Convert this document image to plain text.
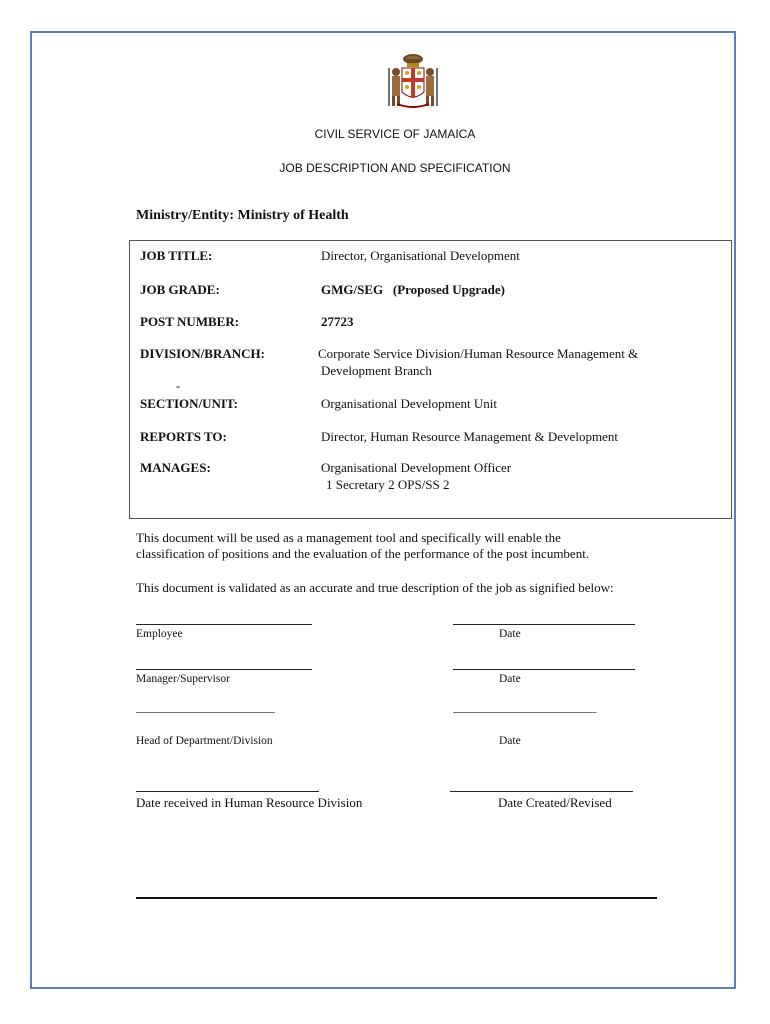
CIVIL SERVICE OF JAMAICA
JOB DESCRIPTION AND SPECIFICATION
Ministry/Entity: Ministry of Health
JOB TITLE:	Director, Organisational Development
JOB GRADE:	GMG/SEG   (Proposed Upgrade)
POST NUMBER:	27723
DIVISION/BRANCH:	Corporate Service Division/Human Resource Management &
Development Branch
-
SECTION/UNIT:	Organisational Development Unit
REPORTS TO:	Director, Human Resource Management & Development
MANAGES:	Organisational Development Officer
1 Secretary 2 OPS/SS 2
This document will be used as a management tool and specifically will enable the
classification of positions and the evaluation of the performance of the post incumbent.
This document is validated as an accurate and true description of the job as signified below:
Employee	Date
Manager/Supervisor	Date
_____________________________	______________________________
Head of Department/Division	Date
Date received in Human Resource Division	Date Created/Revised
